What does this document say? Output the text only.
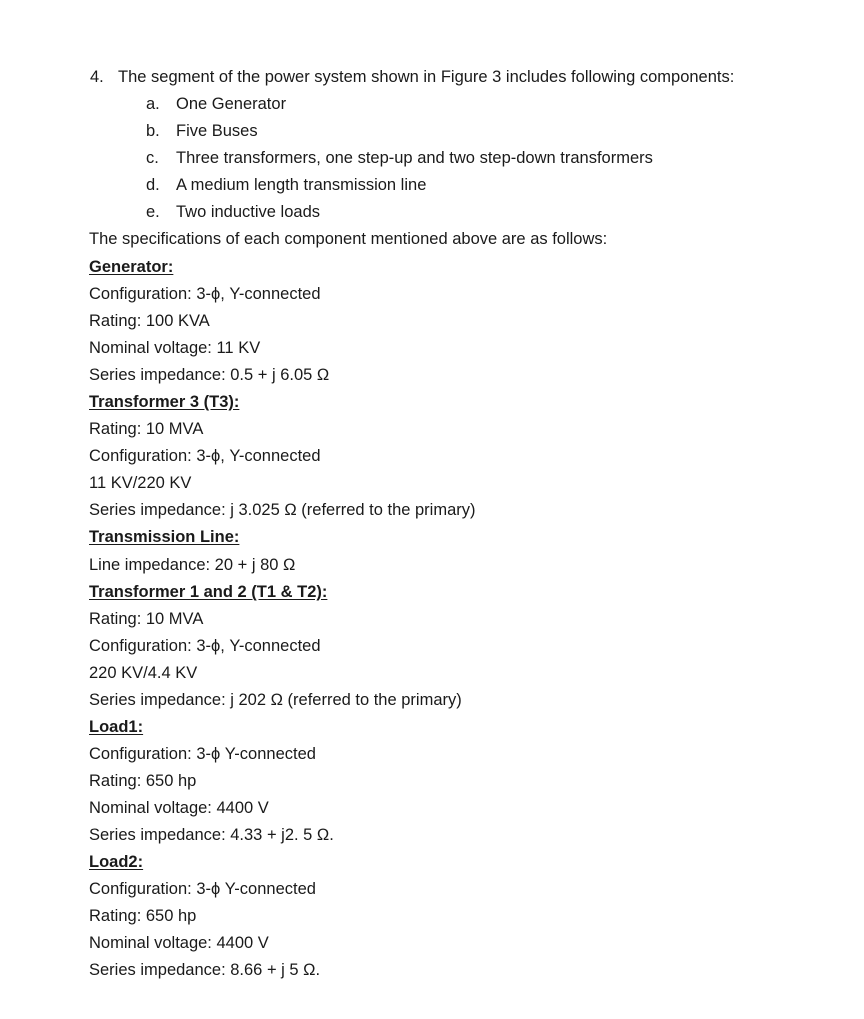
4. The segment of the power system shown in Figure 3 includes following components:
a. One Generator
b. Five Buses
c. Three transformers, one step-up and two step-down transformers
d. A medium length transmission line
e. Two inductive loads
The specifications of each component mentioned above are as follows:
Generator:
Configuration: 3-ϕ, Y-connected
Rating: 100 KVA
Nominal voltage: 11 KV
Series impedance: 0.5 + j 6.05 Ω
Transformer 3 (T3):
Rating: 10 MVA
Configuration: 3-ϕ, Y-connected
11 KV/220 KV
Series impedance: j 3.025 Ω (referred to the primary)
Transmission Line:
Line impedance: 20 + j 80 Ω
Transformer 1 and 2 (T1 & T2):
Rating: 10 MVA
Configuration: 3-ϕ, Y-connected
220 KV/4.4 KV
Series impedance: j 202 Ω (referred to the primary)
Load1:
Configuration: 3-ϕ Y-connected
Rating: 650 hp
Nominal voltage: 4400 V
Series impedance: 4.33 + j2. 5 Ω.
Load2:
Configuration: 3-ϕ Y-connected
Rating: 650 hp
Nominal voltage: 4400 V
Series impedance: 8.66 + j 5 Ω.
